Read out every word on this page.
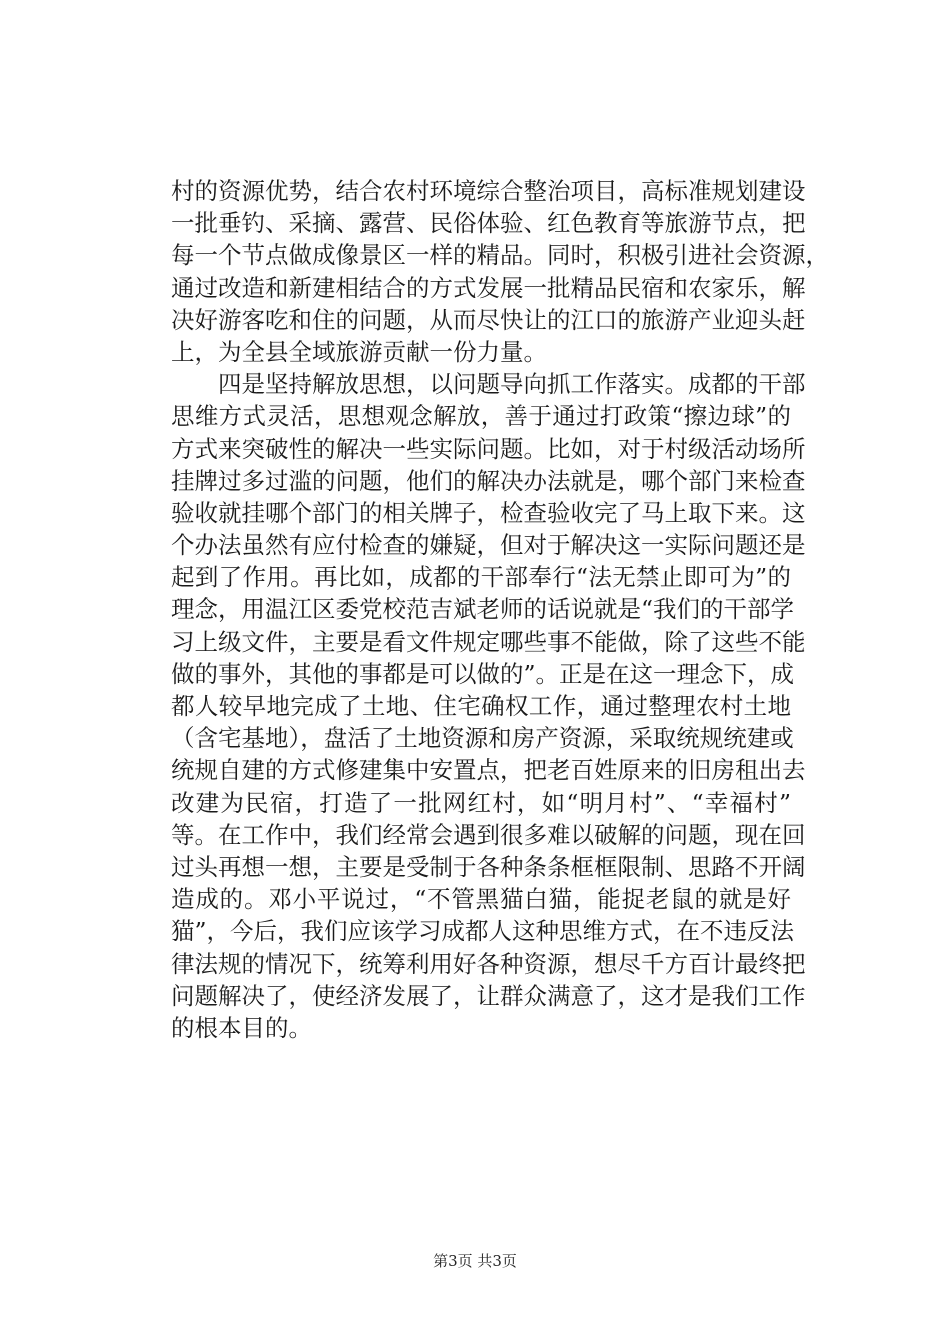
村的资源优势，结合农村环境综合整治项目，高标准规划建设
一批垂钓、采摘、露营、民俗体验、红色教育等旅游节点，把
每一个节点做成像景区一样的精品。同时，积极引进社会资源，
通过改造和新建相结合的方式发展一批精品民宿和农家乐，解
决好游客吃和住的问题，从而尽快让的江口的旅游产业迎头赶
上，为全县全域旅游贡献一份力量。
　　四是坚持解放思想，以问题导向抓工作落实。成都的干部
思维方式灵活，思想观念解放，善于通过打政策“擦边球”的
方式来突破性的解决一些实际问题。比如，对于村级活动场所
挂牌过多过滥的问题，他们的解决办法就是，哪个部门来检查
验收就挂哪个部门的相关牌子，检查验收完了马上取下来。这
个办法虽然有应付检查的嫌疑，但对于解决这一实际问题还是
起到了作用。再比如，成都的干部奉行“法无禁止即可为”的
理念，用温江区委党校范吉斌老师的话说就是“我们的干部学
习上级文件，主要是看文件规定哪些事不能做，除了这些不能
做的事外，其他的事都是可以做的”。正是在这一理念下，成
都人较早地完成了土地、住宅确权工作，通过整理农村土地
（含宅基地），盘活了土地资源和房产资源，采取统规统建或
统规自建的方式修建集中安置点，把老百姓原来的旧房租出去
改建为民宿，打造了一批网红村，如“明月村”、“幸福村”
等。在工作中，我们经常会遇到很多难以破解的问题，现在回
过头再想一想，主要是受制于各种条条框框限制、思路不开阔
造成的。邓小平说过，“不管黑猫白猫，能捉老鼠的就是好
猫”，今后，我们应该学习成都人这种思维方式，在不违反法
律法规的情况下，统筹利用好各种资源，想尽千方百计最终把
问题解决了，使经济发展了，让群众满意了，这才是我们工作
的根本目的。
第3页 共3页
